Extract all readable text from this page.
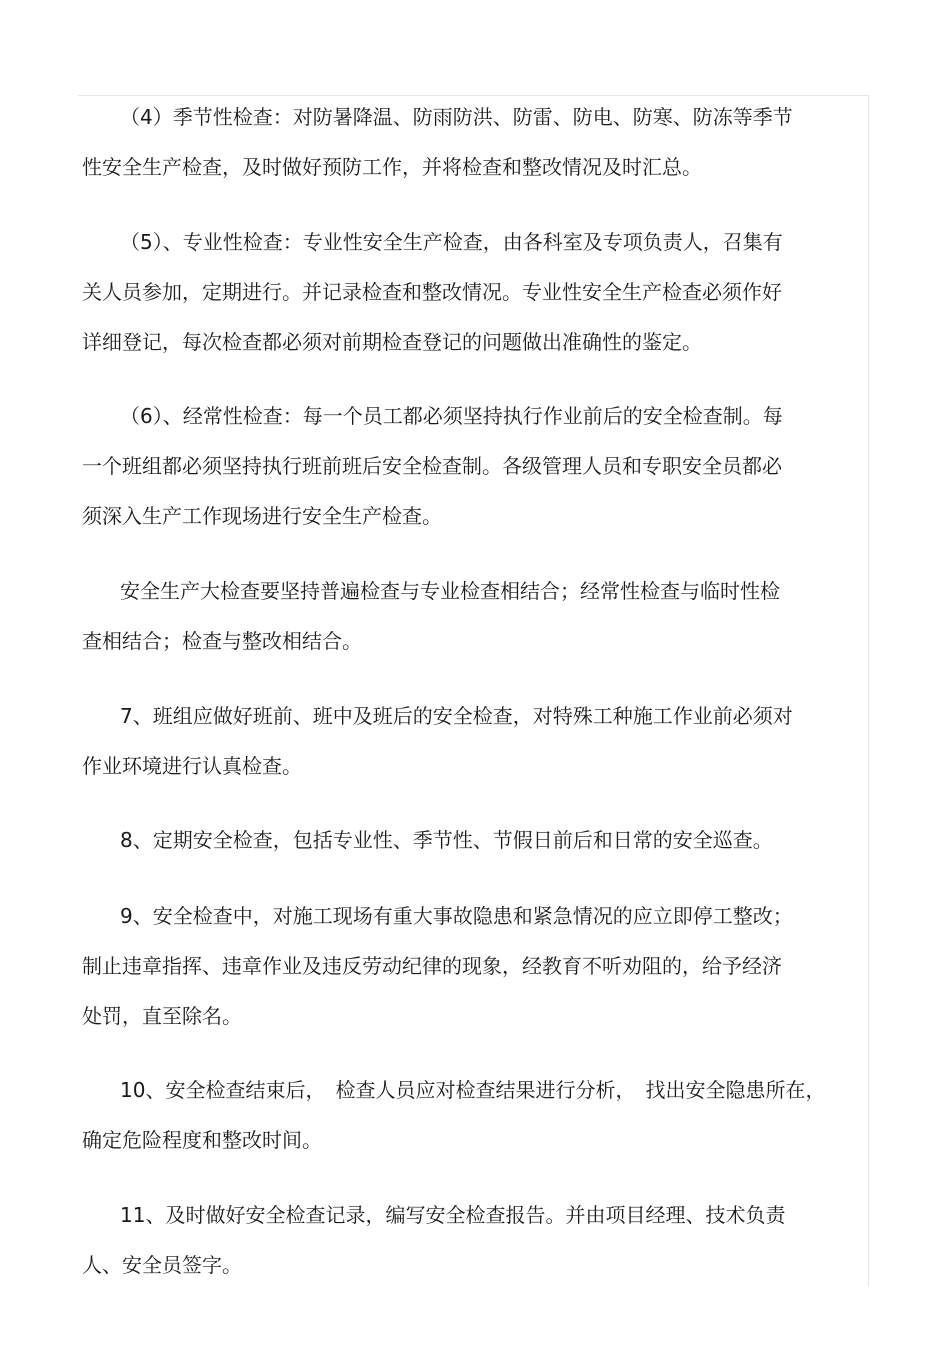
（4）季节性检查：对防暑降温、防雨防洪、防雷、防电、防寒、防冻等季节
性安全生产检查，及时做好预防工作，并将检查和整改情况及时汇总。
（5）、专业性检查：专业性安全生产检查，由各科室及专项负责人，召集有
关人员参加，定期进行。并记录检查和整改情况。专业性安全生产检查必须作好
详细登记，每次检查都必须对前期检查登记的问题做出准确性的鉴定。
（6）、经常性检查：每一个员工都必须坚持执行作业前后的安全检查制。每
一个班组都必须坚持执行班前班后安全检查制。各级管理人员和专职安全员都必
须深入生产工作现场进行安全生产检查。
安全生产大检查要坚持普遍检查与专业检查相结合；经常性检查与临时性检
查相结合；检查与整改相结合。
7、班组应做好班前、班中及班后的安全检查，对特殊工种施工作业前必须对
作业环境进行认真检查。
8、定期安全检查，包括专业性、季节性、节假日前后和日常的安全巡查。
9、安全检查中，对施工现场有重大事故隐患和紧急情况的应立即停工整改；
制止违章指挥、违章作业及违反劳动纪律的现象，经教育不听劝阻的，给予经济
处罚，直至除名。
10、安全检查结束后，　检查人员应对检查结果进行分析，　找出安全隐患所在，
确定危险程度和整改时间。
11、及时做好安全检查记录，编写安全检查报告。并由项目经理、技术负责
人、安全员签字。
